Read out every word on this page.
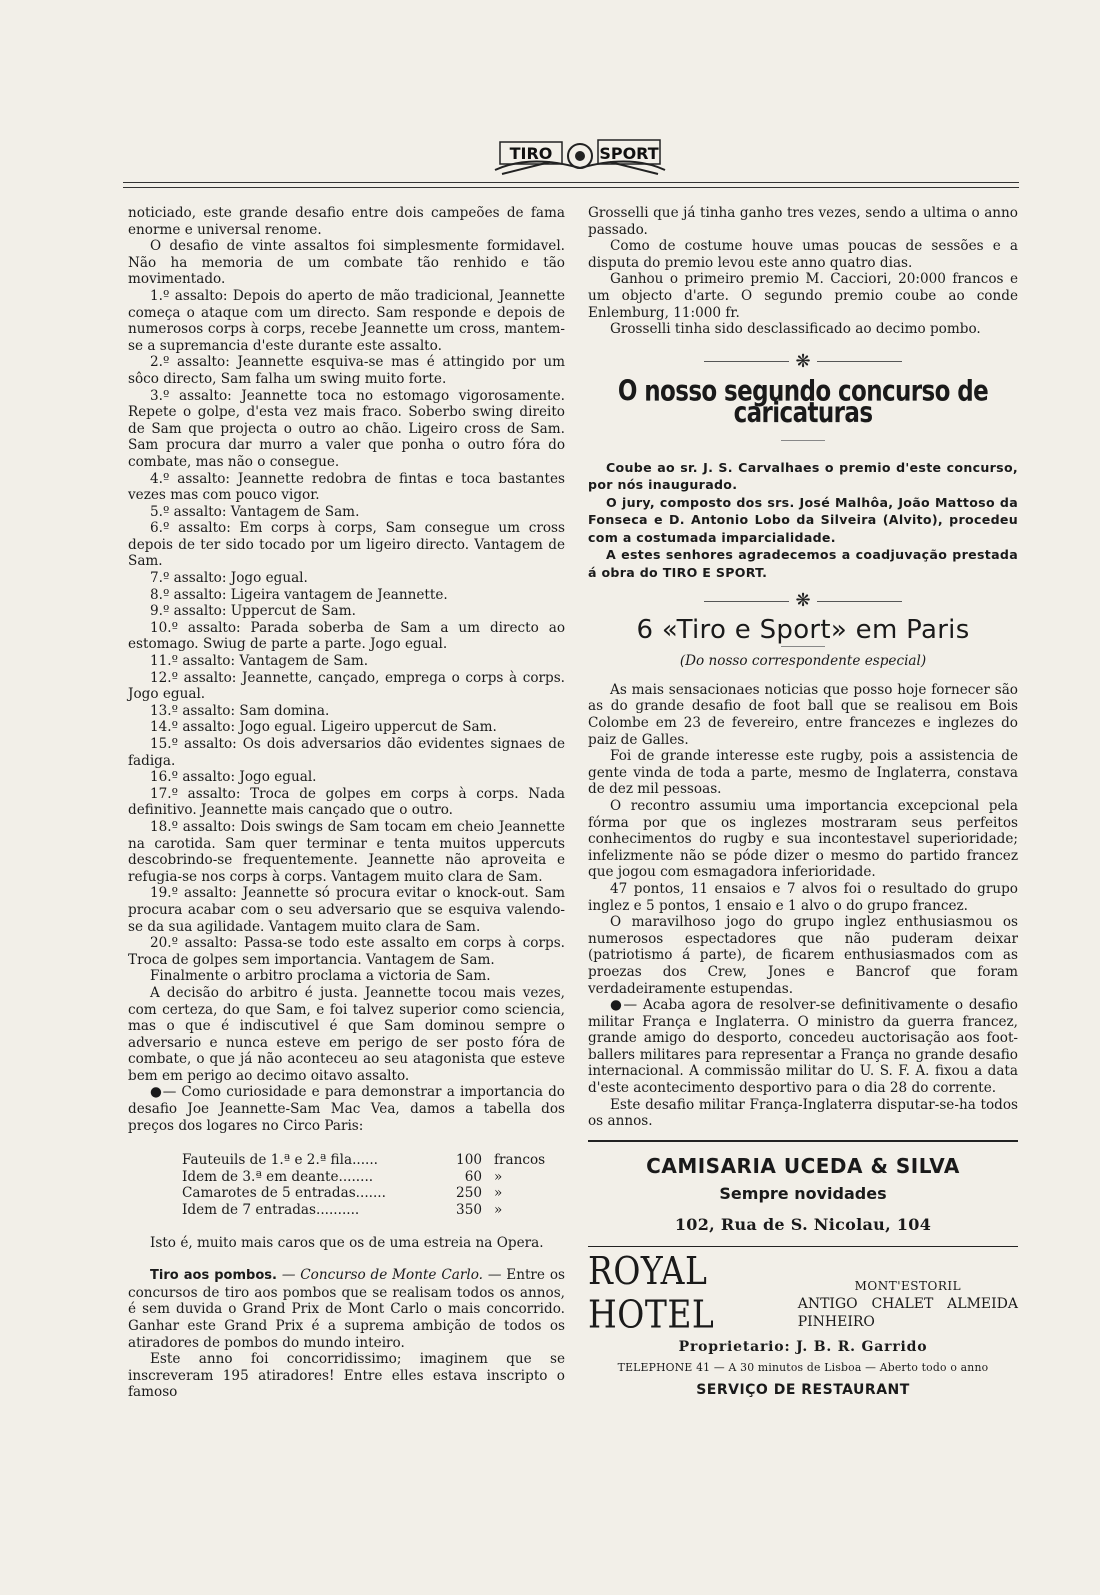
TIRO	SPORT

noticiado, este grande desafio entre dois campeões de fama enorme e universal renome.

O desafio de vinte assaltos foi simplesmente formidavel. Não ha memoria de um combate tão renhido e tão movimentado.

1.º assalto: Depois do aperto de mão tradicional, Jeannette começa o ataque com um directo. Sam responde e depois de numerosos corps à corps, recebe Jeannette um cross, mantem-se a supremancia d'este durante este assalto.

2.º assalto: Jeannette esquiva-se mas é attingido por um sôco directo, Sam falha um swing muito forte.

3.º assalto: Jeannette toca no estomago vigorosamente. Repete o golpe, d'esta vez mais fraco. Soberbo swing direito de Sam que projecta o outro ao chão. Ligeiro cross de Sam. Sam procura dar murro a valer que ponha o outro fóra do combate, mas não o consegue.

4.º assalto: Jeannette redobra de fintas e toca bastantes vezes mas com pouco vigor.

5.º assalto: Vantagem de Sam.

6.º assalto: Em corps à corps, Sam consegue um cross depois de ter sido tocado por um ligeiro directo. Vantagem de Sam.

7.º assalto: Jogo egual.

8.º assalto: Ligeira vantagem de Jeannette.

9.º assalto: Uppercut de Sam.

10.º assalto: Parada soberba de Sam a um directo ao estomago. Swiug de parte a parte. Jogo egual.

11.º assalto: Vantagem de Sam.

12.º assalto: Jeannette, cançado, emprega o corps à corps. Jogo egual.

13.º assalto: Sam domina.

14.º assalto: Jogo egual. Ligeiro uppercut de Sam.

15.º assalto: Os dois adversarios dão evidentes signaes de fadiga.

16.º assalto: Jogo egual.

17.º assalto: Troca de golpes em corps à corps. Nada definitivo. Jeannette mais cançado que o outro.

18.º assalto: Dois swings de Sam tocam em cheio Jeannette na carotida. Sam quer terminar e tenta muitos uppercuts descobrindo-se frequentemente. Jeannette não aproveita e refugia-se nos corps à corps. Vantagem muito clara de Sam.

19.º assalto: Jeannette só procura evitar o knock-out. Sam procura acabar com o seu adversario que se esquiva valendo-se da sua agilidade. Vantagem muito clara de Sam.

20.º assalto: Passa-se todo este assalto em corps à corps. Troca de golpes sem importancia. Vantagem de Sam.

Finalmente o arbitro proclama a victoria de Sam.

A decisão do arbitro é justa. Jeannette tocou mais vezes, com certeza, do que Sam, e foi talvez superior como sciencia, mas o que é indiscutivel é que Sam dominou sempre o adversario e nunca esteve em perigo de ser posto fóra de combate, o que já não aconteceu ao seu atagonista que esteve bem em perigo ao decimo oitavo assalto.

●— Como curiosidade e para demonstrar a importancia do desafio Joe Jeannette-Sam Mac Vea, damos a tabella dos preços dos logares no Circo Paris:

Fauteuils de 1.ª e 2.ª fila......	100 francos
Idem de 3.ª em deante........	60 »
Camarotes de 5 entradas.......	250 »
Idem de 7 entradas..........	350 »

Isto é, muito mais caros que os de uma estreia na Opera.

Tiro aos pombos. — Concurso de Monte Carlo. — Entre os concursos de tiro aos pombos que se realisam todos os annos, é sem duvida o Grand Prix de Mont Carlo o mais concorrido. Ganhar este Grand Prix é a suprema ambição de todos os atiradores de pombos do mundo inteiro.

Este anno foi concorridissimo; imaginem que se inscreveram 195 atiradores! Entre elles estava inscripto o famoso

Grosselli que já tinha ganho tres vezes, sendo a ultima o anno passado.

Como de costume houve umas poucas de sessões e a disputa do premio levou este anno quatro dias.

Ganhou o primeiro premio M. Cacciori, 20:000 francos e um objecto d'arte. O segundo premio coube ao conde Enlemburg, 11:000 fr.

Grosselli tinha sido desclassificado ao decimo pombo.

❋
O nosso segundo concurso de caricaturas

Coube ao sr. J. S. Carvalhaes o premio d'este concurso, por nós inaugurado.

O jury, composto dos srs. José Malhôa, João Mattoso da Fonseca e D. Antonio Lobo da Silveira (Alvito), procedeu com a costumada imparcialidade.

A estes senhores agradecemos a coadjuvação prestada á obra do TIRO E SPORT.

❋
6 «Tiro e Sport» em Paris
(Do nosso correspondente especial)

As mais sensacionaes noticias que posso hoje fornecer são as do grande desafio de foot ball que se realisou em Bois Colombe em 23 de fevereiro, entre francezes e inglezes do paiz de Galles.

Foi de grande interesse este rugby, pois a assistencia de gente vinda de toda a parte, mesmo de Inglaterra, constava de dez mil pessoas.

O recontro assumiu uma importancia excepcional pela fórma por que os inglezes mostraram seus perfeitos conhecimentos do rugby e sua incontestavel superioridade; infelizmente não se póde dizer o mesmo do partido francez que jogou com esmagadora inferioridade.

47 pontos, 11 ensaios e 7 alvos foi o resultado do grupo inglez e 5 pontos, 1 ensaio e 1 alvo o do grupo francez.

O maravilhoso jogo do grupo inglez enthusiasmou os numerosos espectadores que não puderam deixar (patriotismo á parte), de ficarem enthusiasmados com as proezas dos Crew, Jones e Bancrof que foram verdadeiramente estupendas.

●— Acaba agora de resolver-se definitivamente o desafio militar França e Inglaterra. O ministro da guerra francez, grande amigo do desporto, concedeu auctorisação aos foot-ballers militares para representar a França no grande desafio internacional. A commissão militar do U. S. F. A. fixou a data d'este acontecimento desportivo para o dia 28 do corrente.

Este desafio militar França-Inglaterra disputar-se-ha todos os annos.

CAMISARIA UCEDA & SILVA
Sempre novidades
102, Rua de S. Nicolau, 104
ROYAL HOTEL
MONT'ESTORIL
ANTIGO CHALET ALMEIDA PINHEIRO
Proprietario: J. B. R. Garrido
TELEPHONE 41 — A 30 minutos de Lisboa — Aberto todo o anno
SERVIÇO DE RESTAURANT
